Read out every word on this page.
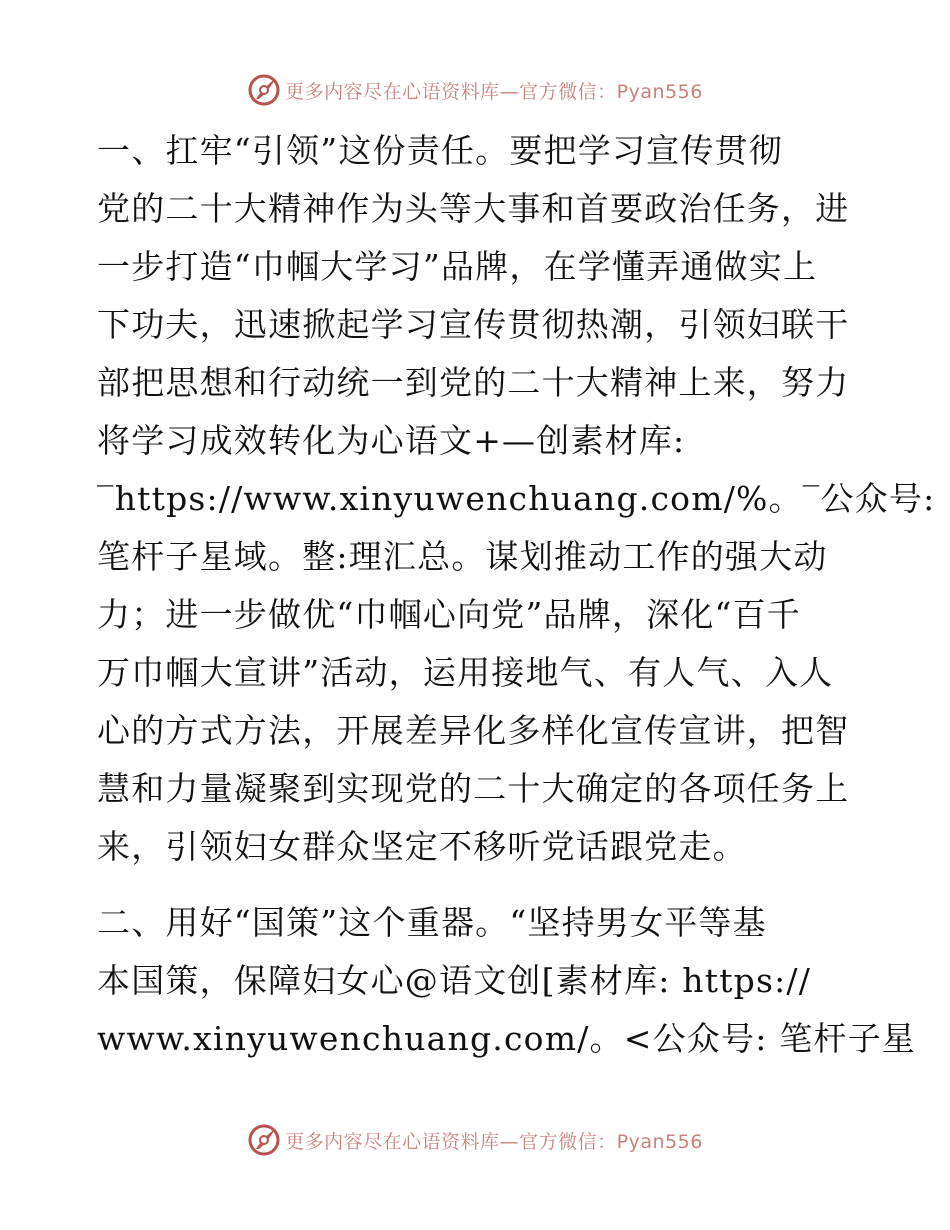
更多内容尽在心语资料库—官方微信：Pyan556
一、扛牢“引领”这份责任。要把学习宣传贯彻
党的二十大精神作为头等大事和首要政治任务，进
一步打造“巾帼大学习”品牌，在学懂弄通做实上
下功夫，迅速掀起学习宣传贯彻热潮，引领妇联干
部把思想和行动统一到党的二十大精神上来，努力
将学习成效转化为心语文+—创素材库:
‾https://www.xinyuwenchuang.com/%。‾公众号:
笔杆子星域。整:理汇总。谋划推动工作的强大动
力；进一步做优“巾帼心向党”品牌，深化“百千
万巾帼大宣讲”活动，运用接地气、有人气、入人
心的方式方法，开展差异化多样化宣传宣讲，把智
慧和力量凝聚到实现党的二十大确定的各项任务上
来，引领妇女群众坚定不移听党话跟党走。
二、用好“国策”这个重器。“坚持男女平等基
本国策，保障妇女心@语文创[素材库: https://
www.xinyuwenchuang.com/。<公众号: 笔杆子星
更多内容尽在心语资料库—官方微信：Pyan556
